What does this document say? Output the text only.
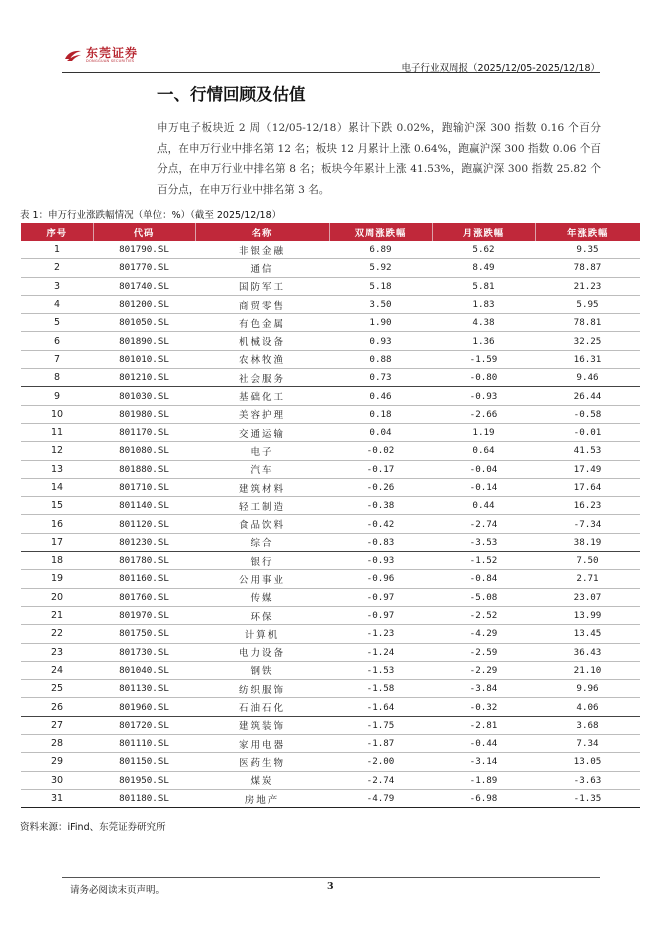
东莞证券
DONGGUAN SECURITIES
电子行业双周报（2025/12/05-2025/12/18）
一、行情回顾及估值
申万电子板块近 2 周（12/05-12/18）累计下跌 0.02%，跑输沪深 300 指数 0.16 个百分点，在申万行业中排名第 12 名；板块 12 月累计上涨 0.64%，跑赢沪深 300 指数 0.06 个百分点，在申万行业中排名第 8 名；板块今年累计上涨 41.53%，跑赢沪深 300 指数 25.82 个百分点，在申万行业中排名第 3 名。
表 1：申万行业涨跌幅情况（单位：%）（截至 2025/12/18）
序号	代码	名称	双周涨跌幅	月涨跌幅	年涨跌幅
1	801790.SL	非银金融	6.89	5.62	9.35
2	801770.SL	通信	5.92	8.49	78.87
3	801740.SL	国防军工	5.18	5.81	21.23
4	801200.SL	商贸零售	3.50	1.83	5.95
5	801050.SL	有色金属	1.90	4.38	78.81
6	801890.SL	机械设备	0.93	1.36	32.25
7	801010.SL	农林牧渔	0.88	-1.59	16.31
8	801210.SL	社会服务	0.73	-0.80	9.46
9	801030.SL	基础化工	0.46	-0.93	26.44
10	801980.SL	美容护理	0.18	-2.66	-0.58
11	801170.SL	交通运输	0.04	1.19	-0.01
12	801080.SL	电子	-0.02	0.64	41.53
13	801880.SL	汽车	-0.17	-0.04	17.49
14	801710.SL	建筑材料	-0.26	-0.14	17.64
15	801140.SL	轻工制造	-0.38	0.44	16.23
16	801120.SL	食品饮料	-0.42	-2.74	-7.34
17	801230.SL	综合	-0.83	-3.53	38.19
18	801780.SL	银行	-0.93	-1.52	7.50
19	801160.SL	公用事业	-0.96	-0.84	2.71
20	801760.SL	传媒	-0.97	-5.08	23.07
21	801970.SL	环保	-0.97	-2.52	13.99
22	801750.SL	计算机	-1.23	-4.29	13.45
23	801730.SL	电力设备	-1.24	-2.59	36.43
24	801040.SL	钢铁	-1.53	-2.29	21.10
25	801130.SL	纺织服饰	-1.58	-3.84	9.96
26	801960.SL	石油石化	-1.64	-0.32	4.06
27	801720.SL	建筑装饰	-1.75	-2.81	3.68
28	801110.SL	家用电器	-1.87	-0.44	7.34
29	801150.SL	医药生物	-2.00	-3.14	13.05
30	801950.SL	煤炭	-2.74	-1.89	-3.63
31	801180.SL	房地产	-4.79	-6.98	-1.35
资料来源：iFind、东莞证券研究所
请务必阅读末页声明。	3
